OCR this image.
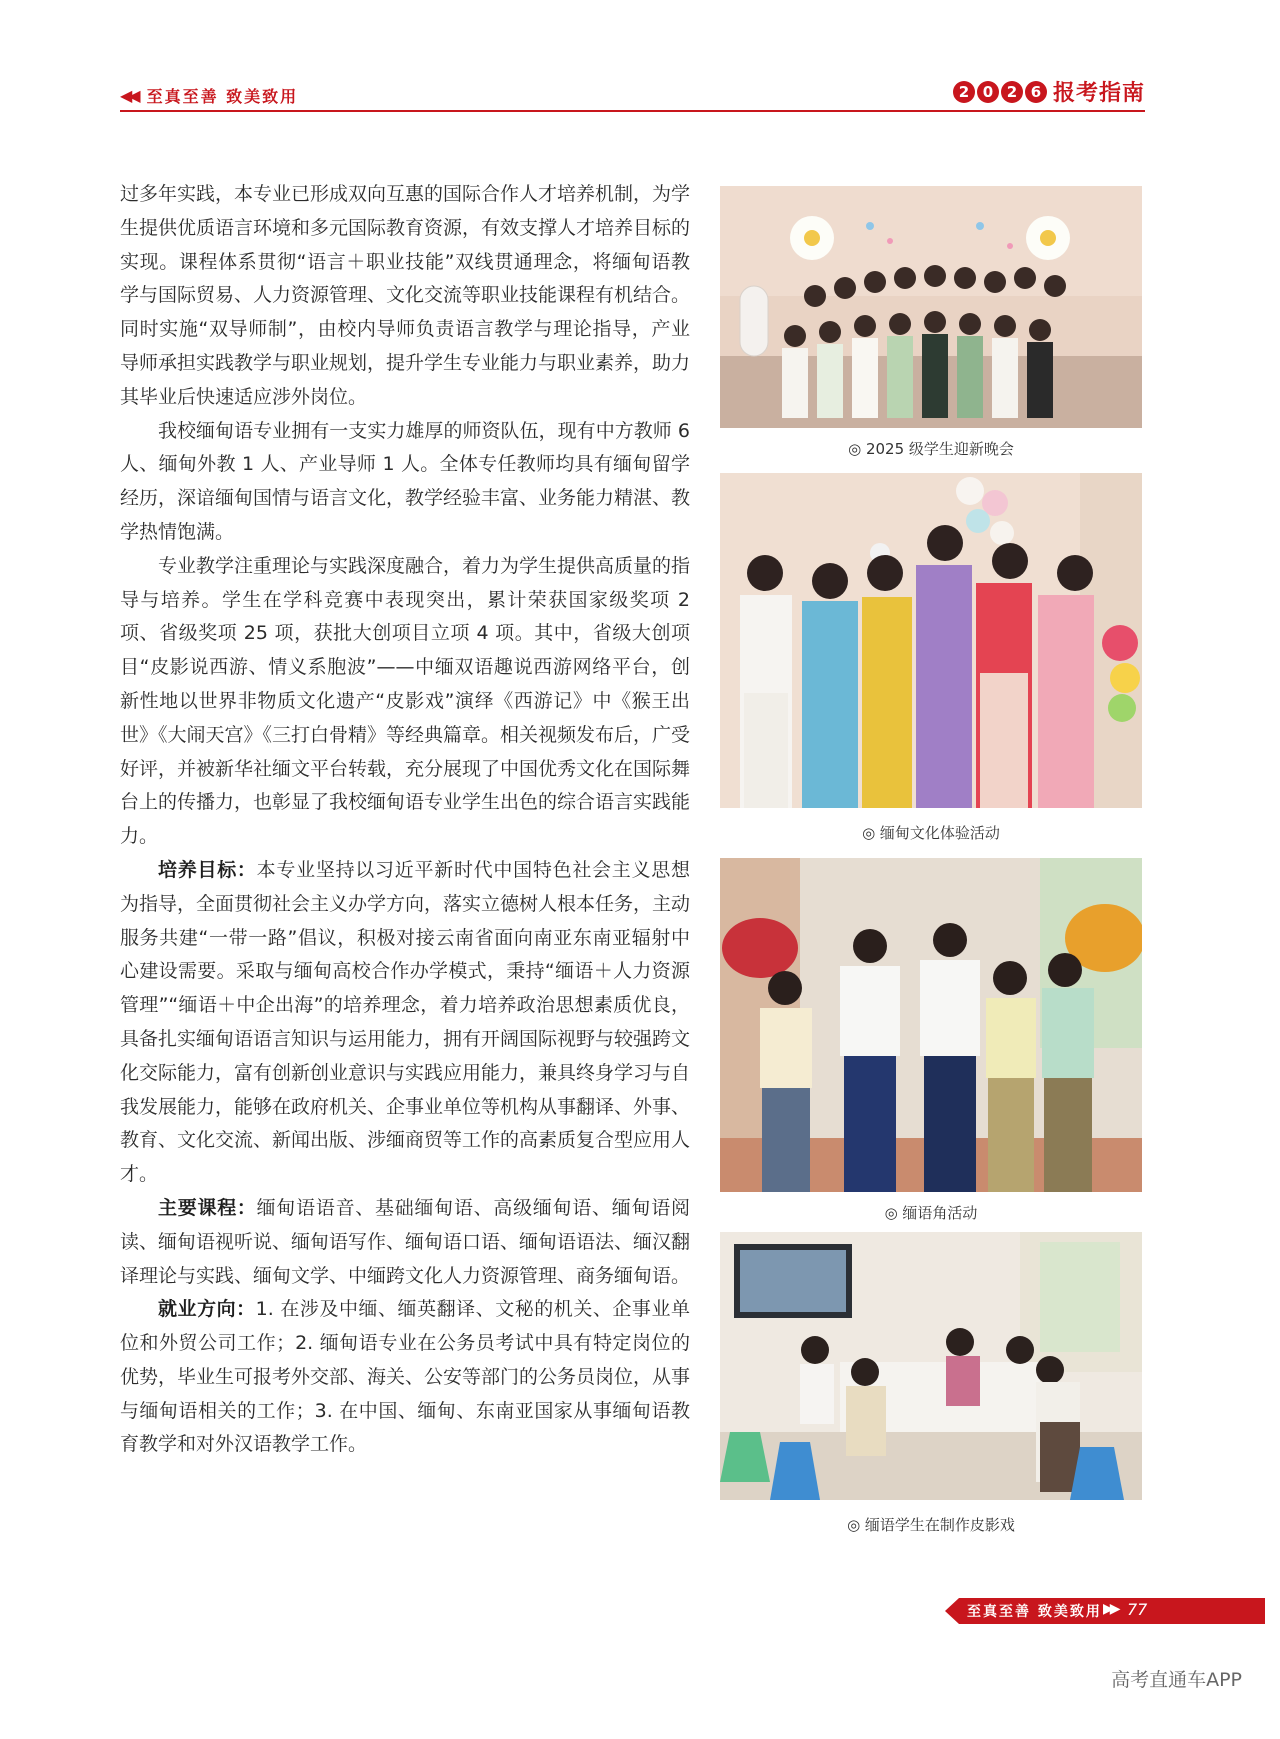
◀◀ 至真至善 致美致用	2 0 2 6 报考指南

过多年实践，本专业已形成双向互惠的国际合作人才培养机制，为学生提供优质语言环境和多元国际教育资源，有效支撑人才培养目标的实现。课程体系贯彻“语言＋职业技能”双线贯通理念，将缅甸语教学与国际贸易、人力资源管理、文化交流等职业技能课程有机结合。同时实施“双导师制”，由校内导师负责语言教学与理论指导，产业导师承担实践教学与职业规划，提升学生专业能力与职业素养，助力其毕业后快速适应涉外岗位。

我校缅甸语专业拥有一支实力雄厚的师资队伍，现有中方教师 6 人、缅甸外教 1 人、产业导师 1 人。全体专任教师均具有缅甸留学经历，深谙缅甸国情与语言文化，教学经验丰富、业务能力精湛、教学热情饱满。

专业教学注重理论与实践深度融合，着力为学生提供高质量的指导与培养。学生在学科竞赛中表现突出，累计荣获国家级奖项 2 项、省级奖项 25 项，获批大创项目立项 4 项。其中，省级大创项目“皮影说西游、情义系胞波”——中缅双语趣说西游网络平台，创新性地以世界非物质文化遗产“皮影戏”演绎《西游记》中《猴王出世》《大闹天宫》《三打白骨精》等经典篇章。相关视频发布后，广受好评，并被新华社缅文平台转载，充分展现了中国优秀文化在国际舞台上的传播力，也彰显了我校缅甸语专业学生出色的综合语言实践能力。

培养目标：本专业坚持以习近平新时代中国特色社会主义思想为指导，全面贯彻社会主义办学方向，落实立德树人根本任务，主动服务共建“一带一路”倡议，积极对接云南省面向南亚东南亚辐射中心建设需要。采取与缅甸高校合作办学模式，秉持“缅语＋人力资源管理”“缅语＋中企出海”的培养理念，着力培养政治思想素质优良，具备扎实缅甸语语言知识与运用能力，拥有开阔国际视野与较强跨文化交际能力，富有创新创业意识与实践应用能力，兼具终身学习与自我发展能力，能够在政府机关、企事业单位等机构从事翻译、外事、教育、文化交流、新闻出版、涉缅商贸等工作的高素质复合型应用人才。

主要课程：缅甸语语音、基础缅甸语、高级缅甸语、缅甸语阅读、缅甸语视听说、缅甸语写作、缅甸语口语、缅甸语语法、缅汉翻译理论与实践、缅甸文学、中缅跨文化人力资源管理、商务缅甸语。

就业方向：1. 在涉及中缅、缅英翻译、文秘的机关、企事业单位和外贸公司工作；2. 缅甸语专业在公务员考试中具有特定岗位的优势，毕业生可报考外交部、海关、公安等部门的公务员岗位，从事与缅甸语相关的工作；3. 在中国、缅甸、东南亚国家从事缅甸语教育教学和对外汉语教学工作。

◎ 2025 级学生迎新晚会
◎ 缅甸文化体验活动
◎ 缅语角活动
◎ 缅语学生在制作皮影戏
至真至善 致美致用 ▶▶ 77
高考直通车APP
